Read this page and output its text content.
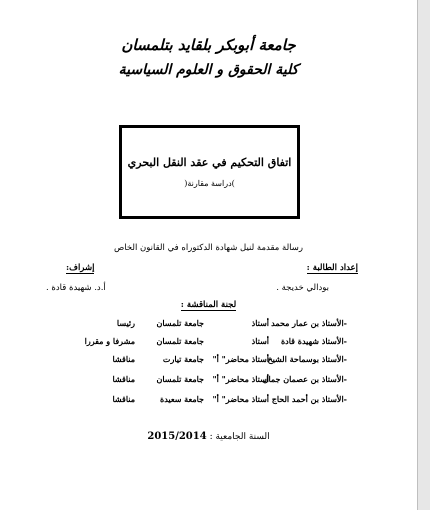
جامعة أبوبكر بلقايد بتلمسان
كلية الحقوق و العلوم السياسية
اتفاق التحكيم في عقد النقل البحري
)دراسة مقارنة(
رسالة مقدمة لنيل شهادة الدكتوراه في القانون الخاص
إعداد الطالبة :
بودالي خديجة .
إشراف:
أ.د. شهيدة قادة .
لجنة المناقشة :
-الأستاذ بن عمار محمد
أستاذ
جامعة تلمسان
رئيسا
-الأستاذ شهيدة قادة
أستاذ
جامعة تلمسان
مشرفا و مقررا
-الأستاذ بوسماحة الشيخ
أستاذ محاضر" أ"
جامعة تيارت
مناقشا
-الأستاذ بن عصمان جمال
أستاذ محاضر" أ"
جامعة تلمسان
مناقشا
-الأستاذ بن أحمد الحاج
أستاذ محاضر" أ"
جامعة سعيدة
مناقشا
السنة الجامعية : 2015/2014
